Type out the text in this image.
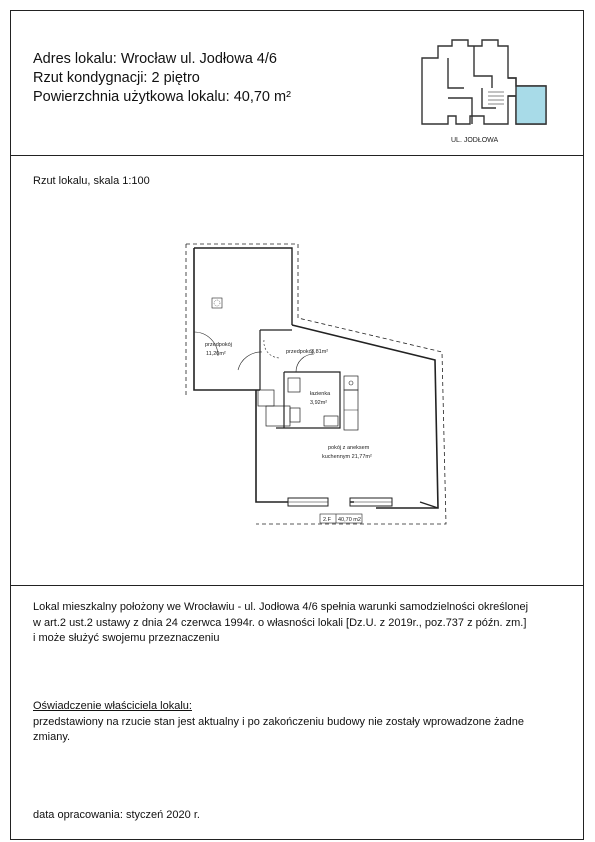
Adres lokalu: Wrocław ul. Jodłowa 4/6
Rzut kondygnacji: 2 piętro
Powierzchnia użytkowa lokalu: 40,70 m²
UL. JODŁOWA
Rzut lokalu, skala 1:100
przedpokój
11,20m²	przedpokój
3,81m²
łazienka
3,92m²
pokój z aneksem
kuchennym 21,77m²
2.F 40,70 m2
Lokal mieszkalny położony we Wrocławiu - ul. Jodłowa 4/6 spełnia warunki samodzielności określonej
w art.2 ust.2 ustawy z dnia 24 czerwca 1994r. o własności lokali [Dz.U. z 2019r., poz.737 z późn. zm.]
i może służyć swojemu przeznaczeniu
Oświadczenie właściciela lokalu:
przedstawiony na rzucie stan jest aktualny i po zakończeniu budowy nie zostały wprowadzone żadne
zmiany.
data opracowania: styczeń 2020 r.
